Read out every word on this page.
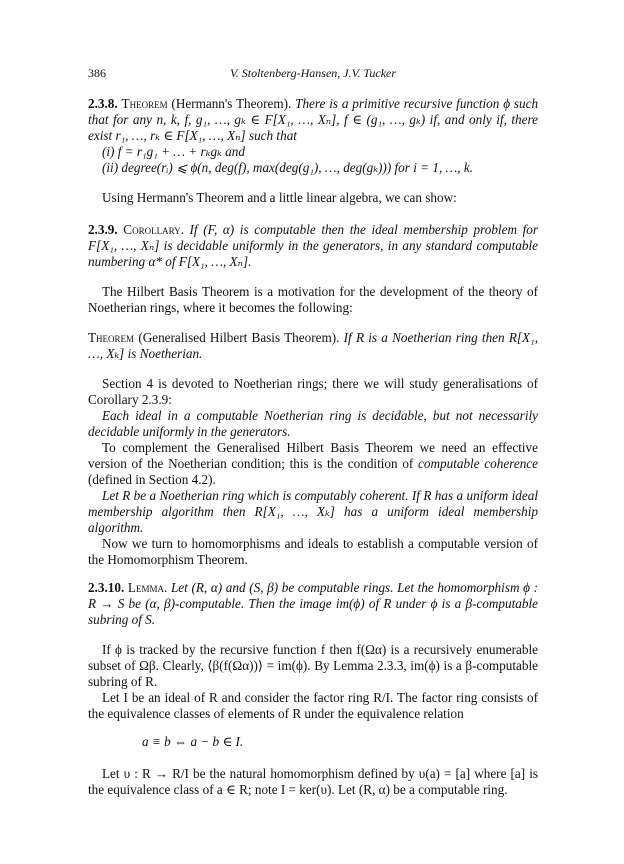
386	V. Stoltenberg-Hansen, J.V. Tucker
2.3.8. Theorem (Hermann's Theorem). There is a primitive recursive function ϕ such that for any n, k, f, g₁, …, gₖ ∈ F[X₁, …, Xₙ], f ∈ (g₁, …, gₖ) if, and only if, there exist r₁, …, rₖ ∈ F[X₁, …, Xₙ] such that
(i) f = r₁g₁ + … + rₖgₖ and
(ii) degree(rᵢ) ⩽ ϕ(n, deg(f), max(deg(g₁), …, deg(gₖ))) for i = 1, …, k.
Using Hermann's Theorem and a little linear algebra, we can show:
2.3.9. Corollary. If (F, α) is computable then the ideal membership problem for F[X₁, …, Xₙ] is decidable uniformly in the generators, in any standard computable numbering α* of F[X₁, …, Xₙ].
The Hilbert Basis Theorem is a motivation for the development of the theory of Noetherian rings, where it becomes the following:
Theorem (Generalised Hilbert Basis Theorem). If R is a Noetherian ring then R[X₁, …, Xₖ] is Noetherian.
Section 4 is devoted to Noetherian rings; there we will study generalisations of Corollary 2.3.9:
Each ideal in a computable Noetherian ring is decidable, but not necessarily decidable uniformly in the generators.
To complement the Generalised Hilbert Basis Theorem we need an effective version of the Noetherian condition; this is the condition of computable coherence (defined in Section 4.2).
Let R be a Noetherian ring which is computably coherent. If R has a uniform ideal membership algorithm then R[X₁, …, Xₖ] has a uniform ideal membership algorithm.
Now we turn to homomorphisms and ideals to establish a computable version of the Homomorphism Theorem.
2.3.10. Lemma. Let (R, α) and (S, β) be computable rings. Let the homomorphism ϕ : R → S be (α, β)-computable. Then the image im(ϕ) of R under ϕ is a β-computable subring of S.
If ϕ is tracked by the recursive function f then f(Ωα) is a recursively enumerable subset of Ωβ. Clearly, ⟨β(f(Ωα))⟩ = im(ϕ). By Lemma 2.3.3, im(ϕ) is a β-computable subring of R.
Let I be an ideal of R and consider the factor ring R/I. The factor ring consists of the equivalence classes of elements of R under the equivalence relation
a ≡ b ⇔ a − b ∈ I.
Let υ : R → R/I be the natural homomorphism defined by υ(a) = [a] where [a] is the equivalence class of a ∈ R; note I = ker(υ). Let (R, α) be a computable ring.
